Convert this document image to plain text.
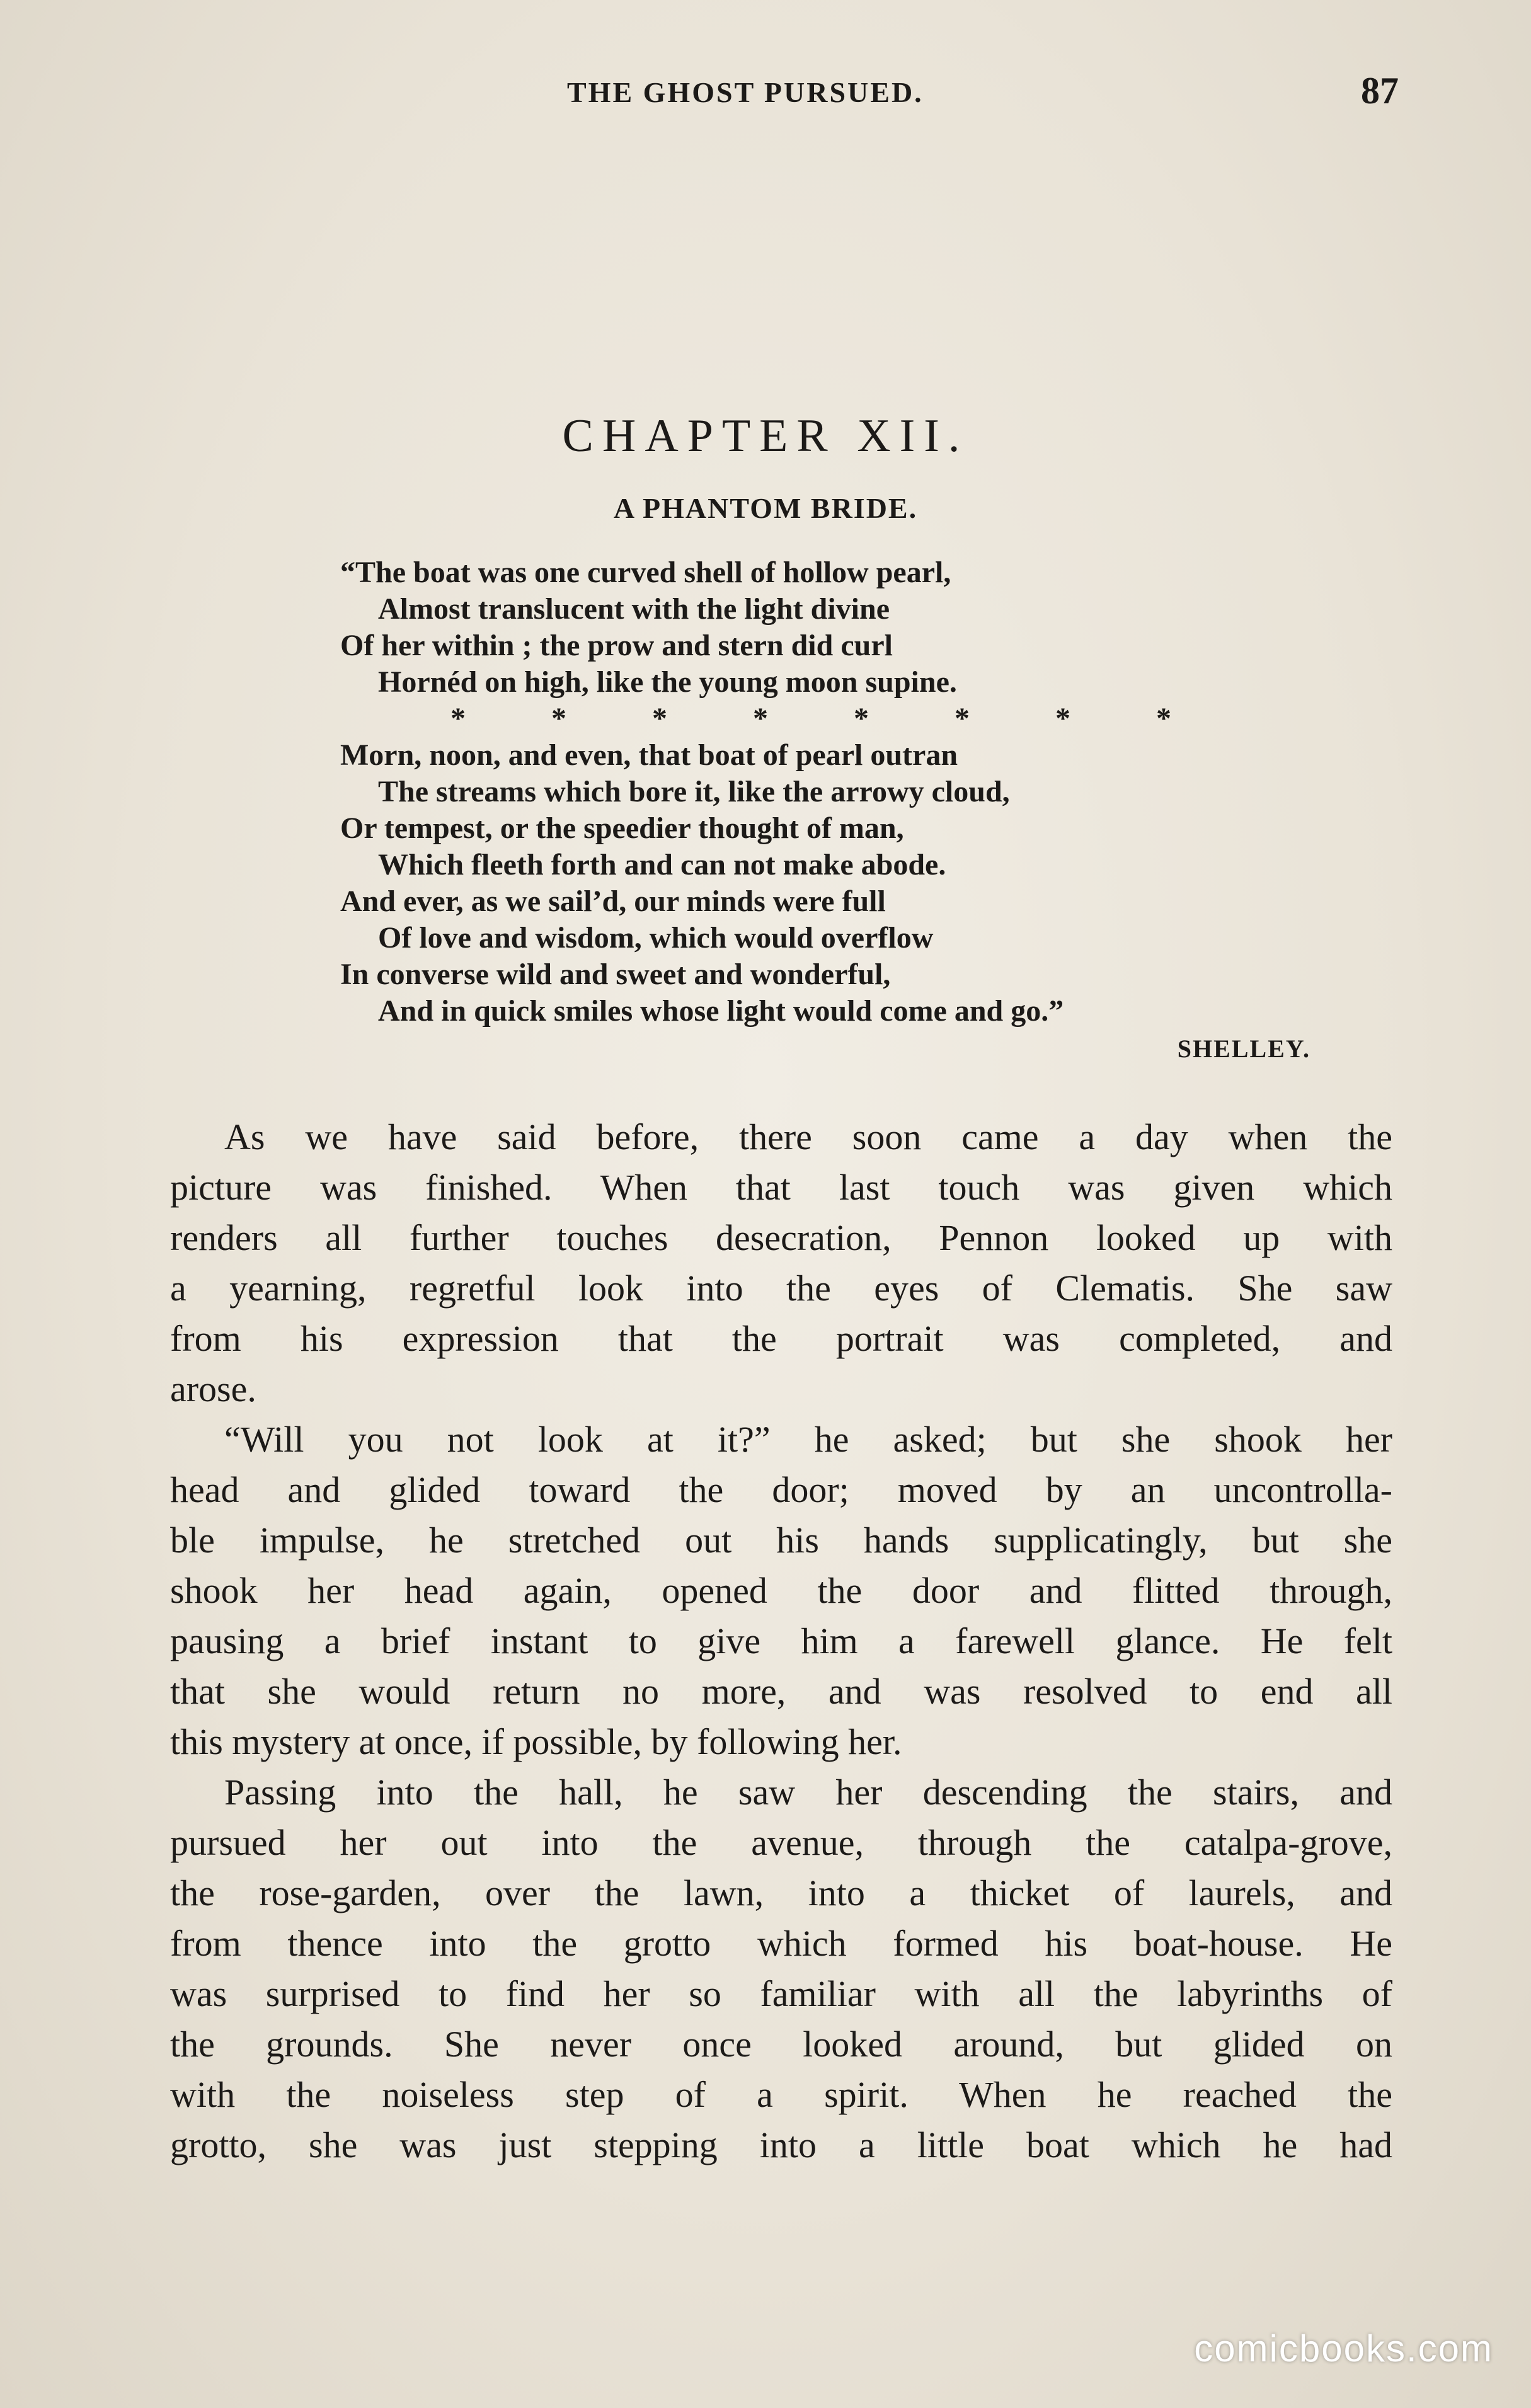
THE GHOST PURSUED.	87
CHAPTER XII.
A PHANTOM BRIDE.
“The boat was one curved shell of hollow pearl,
Almost translucent with the light divine
Of her within ; the prow and stern did curl
Hornéd on high, like the young moon supine.
* * * * * * * *
Morn, noon, and even, that boat of pearl outran
The streams which bore it, like the arrowy cloud,
Or tempest, or the speedier thought of man,
Which fleeth forth and can not make abode.
And ever, as we sail’d, our minds were full
Of love and wisdom, which would overflow
In converse wild and sweet and wonderful,
And in quick smiles whose light would come and go.”
SHELLEY.

As we have said before, there soon came a day when the
picture was finished. When that last touch was given which
renders all further touches desecration, Pennon looked up with
a yearning, regretful look into the eyes of Clematis. She saw
from his expression that the portrait was completed, and
arose.

“Will you not look at it?” he asked; but she shook her
head and glided toward the door; moved by an uncontrolla-
ble impulse, he stretched out his hands supplicatingly, but she
shook her head again, opened the door and flitted through,
pausing a brief instant to give him a farewell glance. He felt
that she would return no more, and was resolved to end all
this mystery at once, if possible, by following her.

Passing into the hall, he saw her descending the stairs, and
pursued her out into the avenue, through the catalpa-grove,
the rose-garden, over the lawn, into a thicket of laurels, and
from thence into the grotto which formed his boat-house. He
was surprised to find her so familiar with all the labyrinths of
the grounds. She never once looked around, but glided on
with the noiseless step of a spirit. When he reached the
grotto, she was just stepping into a little boat which he had

comicbooks.com
